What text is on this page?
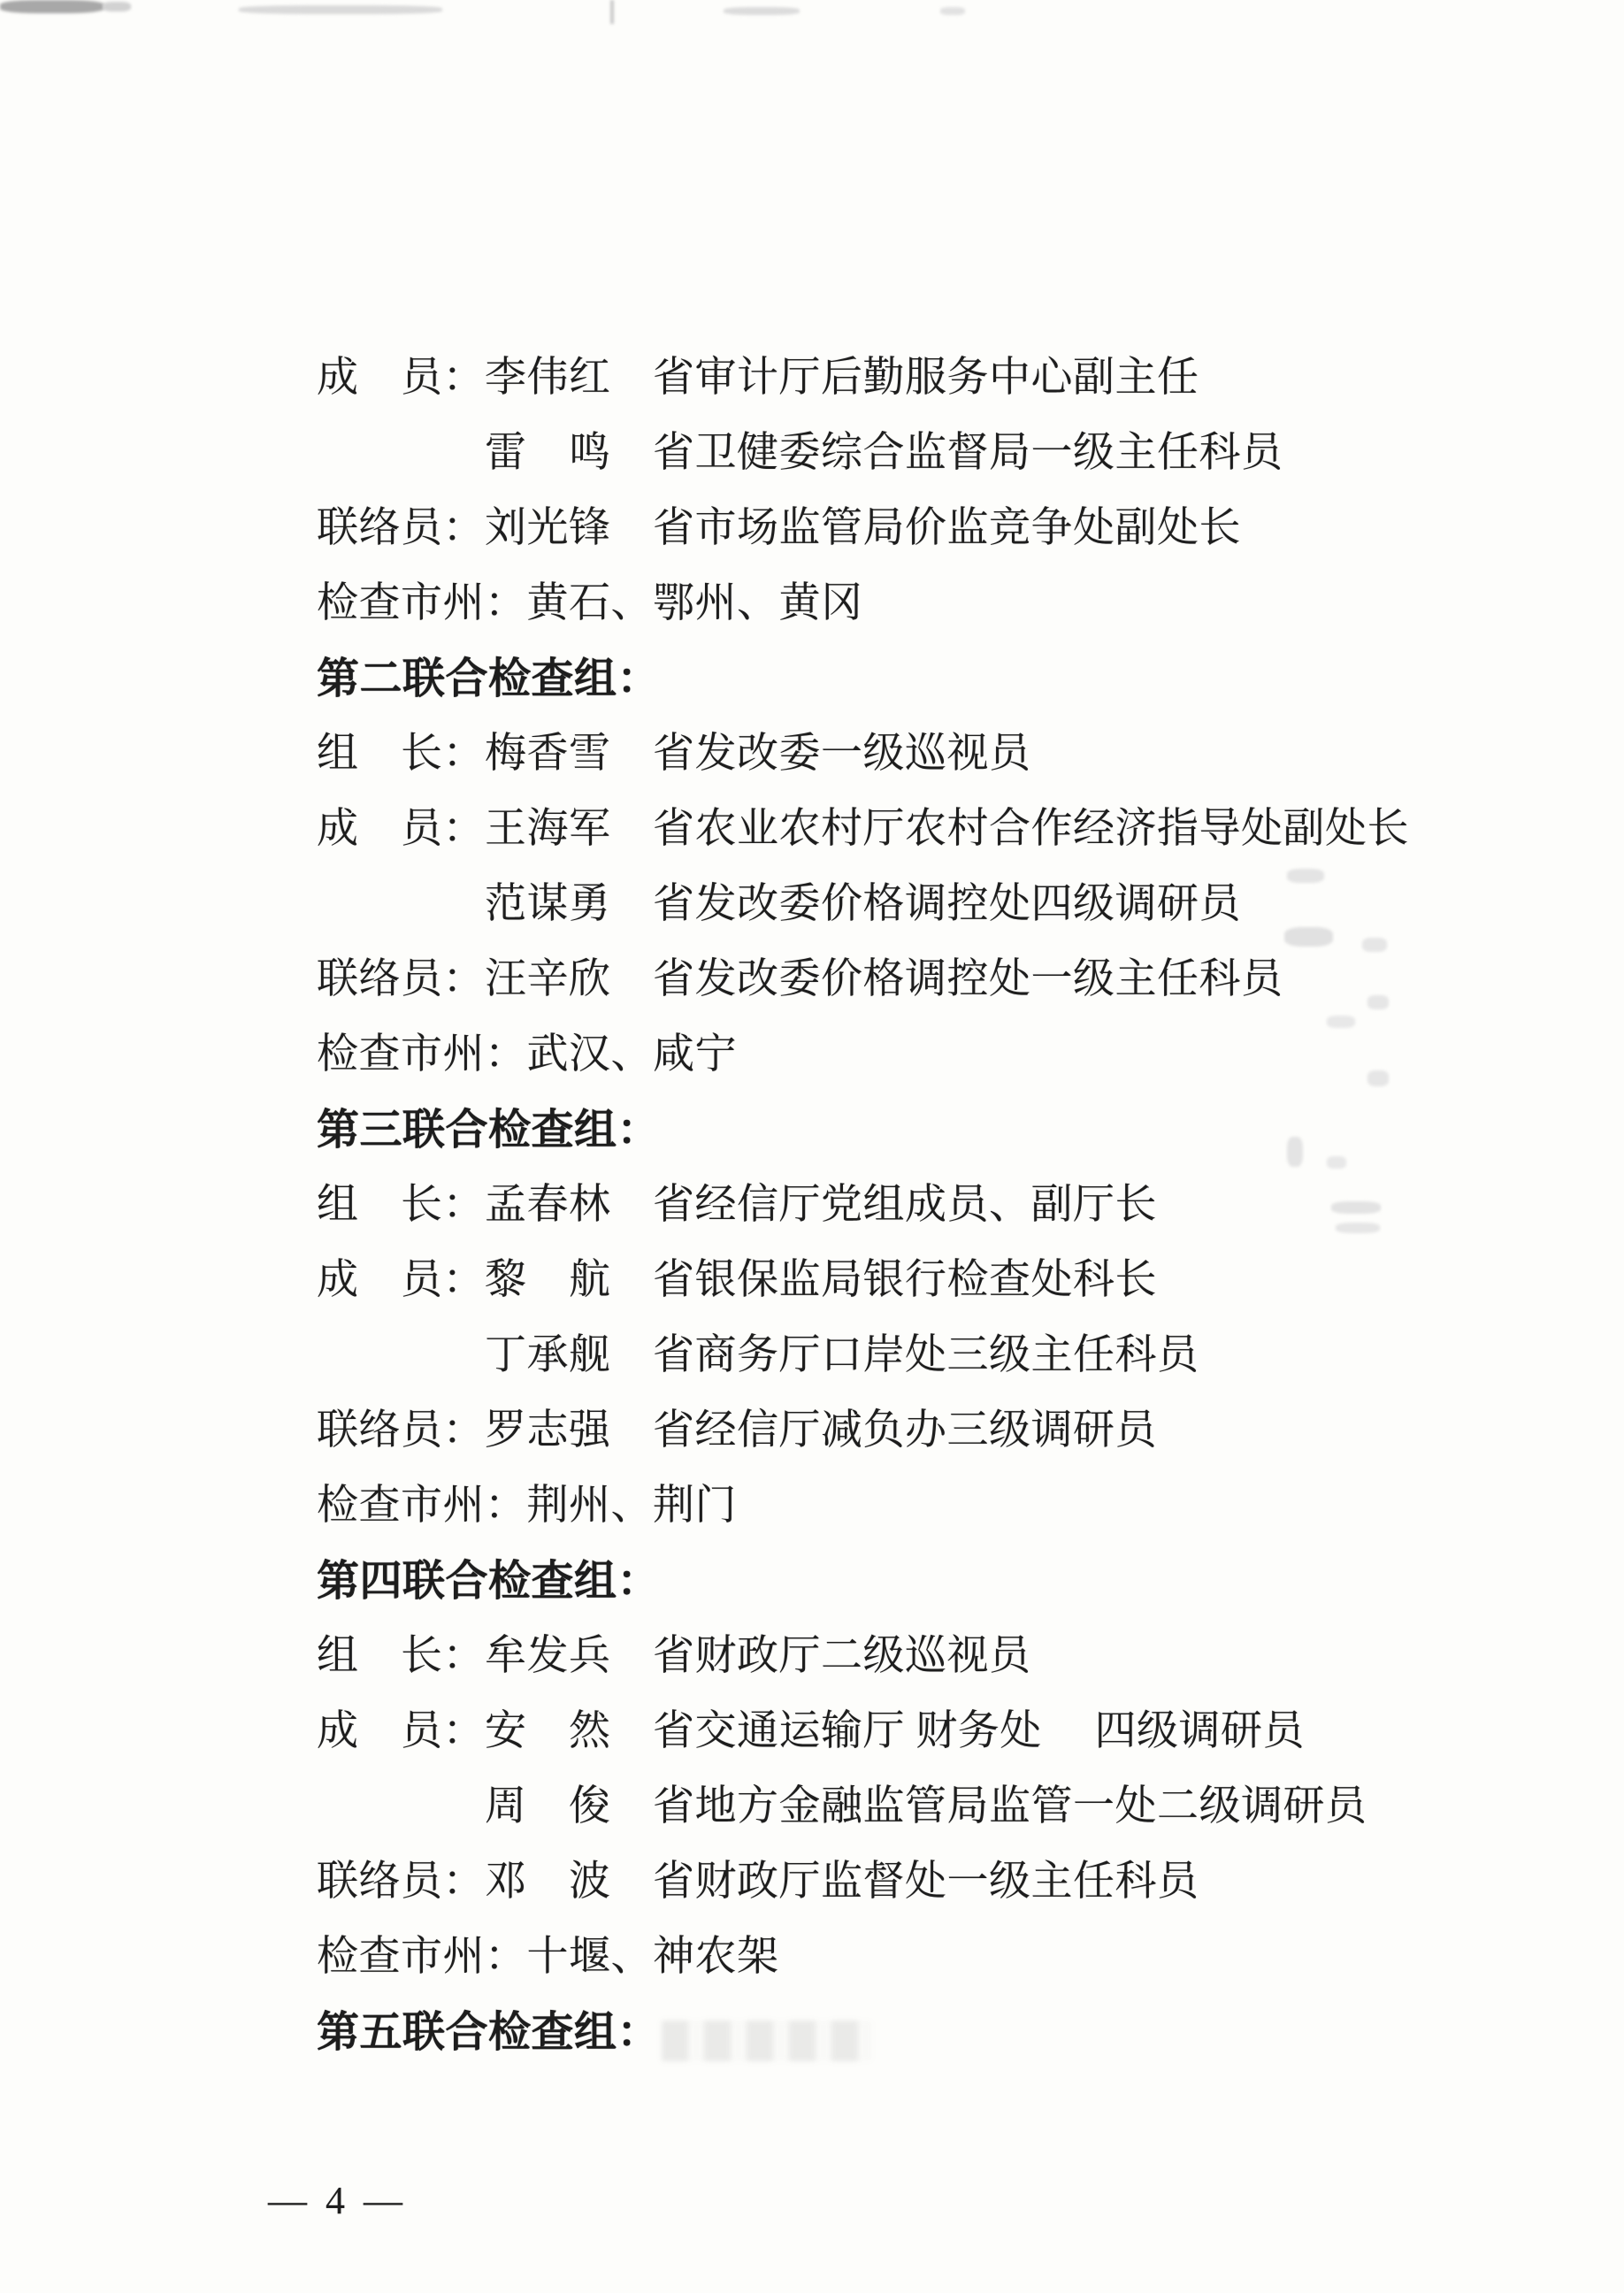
成　员：李伟红　省审计厅后勤服务中心副主任
　　　　雷　鸣　省卫健委综合监督局一级主任科员
联络员：刘光锋　省市场监管局价监竞争处副处长
检查市州：黄石、鄂州、黄冈
第二联合检查组：
组　长：梅香雪　省发改委一级巡视员
成　员：王海军　省农业农村厅农村合作经济指导处副处长
　　　　范谋勇　省发改委价格调控处四级调研员
联络员：汪辛欣　省发改委价格调控处一级主任科员
检查市州：武汉、咸宁
第三联合检查组：
组　长：孟春林　省经信厅党组成员、副厅长
成　员：黎　航　省银保监局银行检查处科长
　　　　丁承舰　省商务厅口岸处三级主任科员
联络员：罗志强　省经信厅减负办三级调研员
检查市州：荆州、荆门
第四联合检查组：
组　长：牟发兵　省财政厅二级巡视员
成　员：安　然　省交通运输厅 财务处　 四级调研员
　　　　周　俊　省地方金融监管局监管一处二级调研员
联络员：邓　波　省财政厅监督处一级主任科员
检查市州：十堰、神农架
第五联合检查组：
— 4 —
